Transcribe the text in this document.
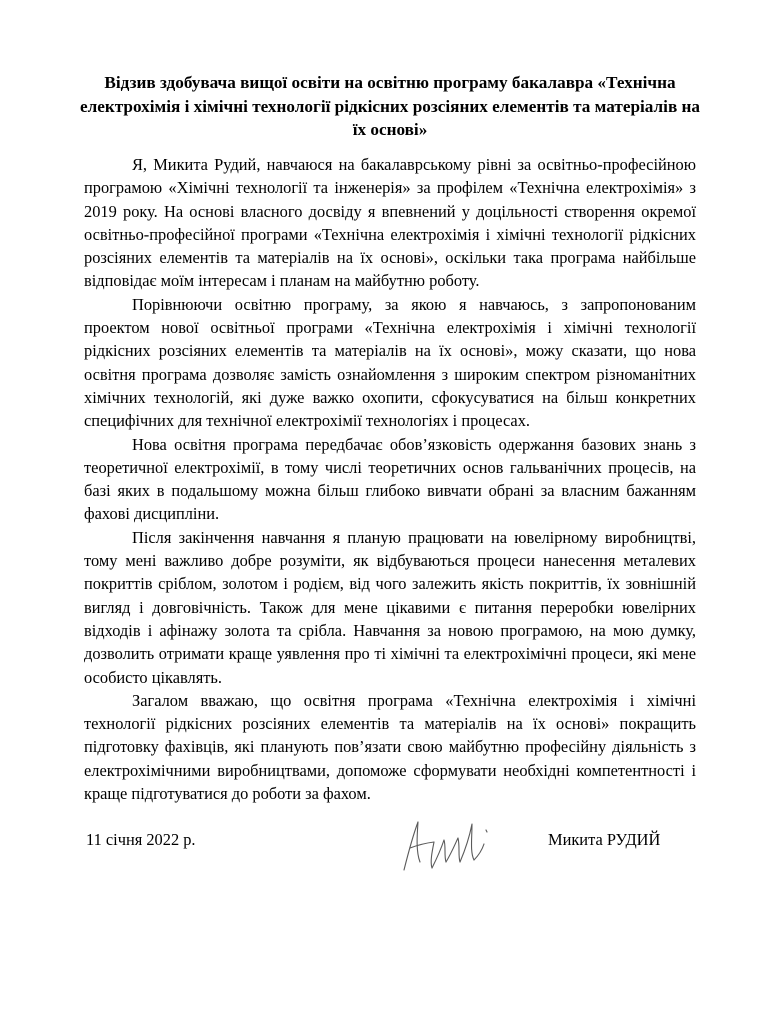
Відзив здобувача вищої освіти на освітню програму бакалавра «Технічна електрохімія і хімічні технології рідкісних розсіяних елементів та матеріалів на їх основі»

Я, Микита Рудий, навчаюся на бакалаврському рівні за освітньо-професійною програмою «Хімічні технології та інженерія» за профілем «Технічна електрохімія» з 2019 року. На основі власного досвіду я впевнений у доцільності створення окремої освітньо-професійної програми «Технічна електрохімія і хімічні технології рідкісних розсіяних елементів та матеріалів на їх основі», оскільки така програма найбільше відповідає моїм інтересам і планам на майбутню роботу.

Порівнюючи освітню програму, за якою я навчаюсь, з запропонованим проектом нової освітньої програми «Технічна електрохімія і хімічні технології рідкісних розсіяних елементів та матеріалів на їх основі», можу сказати, що нова освітня програма дозволяє замість ознайомлення з широким спектром різноманітних хімічних технологій, які дуже важко охопити, сфокусуватися на більш конкретних специфічних для технічної електрохімії технологіях і процесах.

Нова освітня програма передбачає обов’язковість одержання базових знань з теоретичної електрохімії, в тому числі теоретичних основ гальванічних процесів, на базі яких в подальшому можна більш глибоко вивчати обрані за власним бажанням фахові дисципліни.

Після закінчення навчання я планую працювати на ювелірному виробництві, тому мені важливо добре розуміти, як відбуваються процеси нанесення металевих покриттів сріблом, золотом і родієм, від чого залежить якість покриттів, їх зовнішній вигляд і довговічність. Також для мене цікавими є питання переробки ювелірних відходів і афінажу золота та срібла. Навчання за новою програмою, на мою думку, дозволить отримати краще уявлення про ті хімічні та електрохімічні процеси, які мене особисто цікавлять.

Загалом вважаю, що освітня програма «Технічна електрохімія і хімічні технології рідкісних розсіяних елементів та матеріалів на їх основі» покращить підготовку фахівців, які планують пов’язати свою майбутню професійну діяльність з електрохімічними виробництвами, допоможе сформувати необхідні компетентності і краще підготуватися до роботи за фахом.

11 січня 2022 р.	Микита РУДИЙ
